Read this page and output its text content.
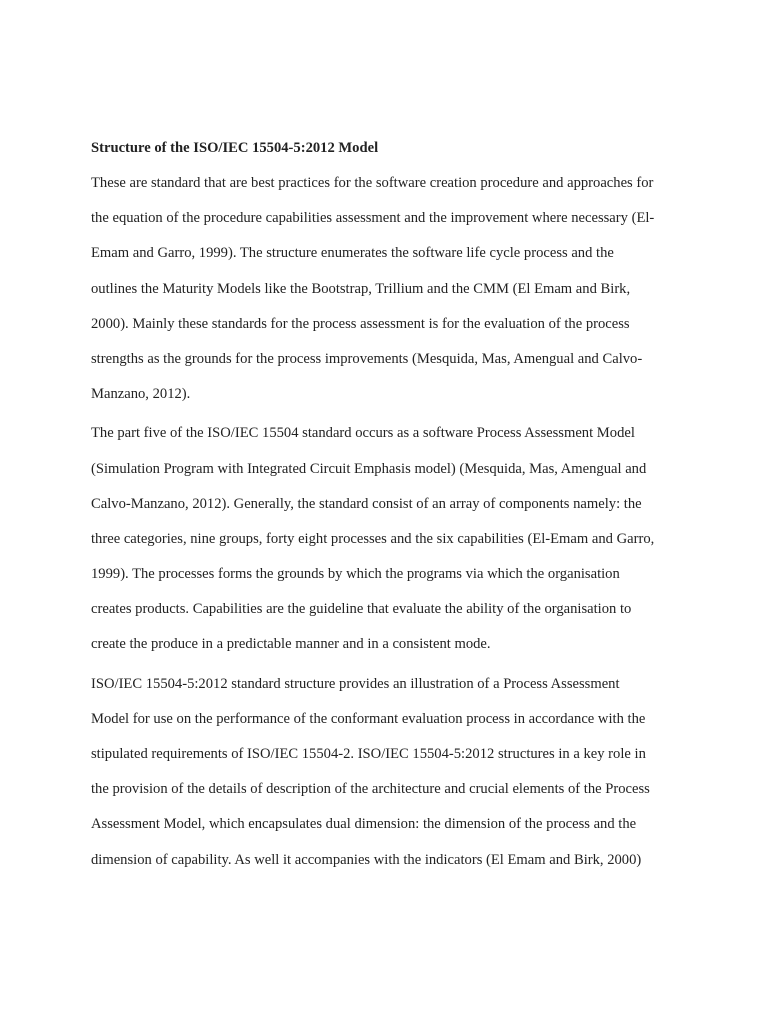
Structure of the ISO/IEC 15504-5:2012 Model
These are standard that are best practices for the software creation procedure and approaches for
the equation of the procedure capabilities assessment and the improvement where necessary (El-
Emam and Garro, 1999). The structure enumerates the software life cycle process and the
outlines the Maturity Models like the Bootstrap, Trillium and the CMM (El Emam and Birk,
2000). Mainly these standards for the process assessment is for the evaluation of the process
strengths as the grounds for the process improvements (Mesquida, Mas, Amengual and Calvo-
Manzano, 2012).
The part five of the ISO/IEC 15504 standard occurs as a software Process Assessment Model
(Simulation Program with Integrated Circuit Emphasis model) (Mesquida, Mas, Amengual and
Calvo-Manzano, 2012). Generally, the standard consist of an array of components namely: the
three categories, nine groups, forty eight processes and the six capabilities (El-Emam and Garro,
1999). The processes forms the grounds by which the programs via which the organisation
creates products. Capabilities are the guideline that evaluate the ability of the organisation to
create the produce in a predictable manner and in a consistent mode.
ISO/IEC 15504-5:2012 standard structure provides an illustration of a Process Assessment
Model for use on the performance of the conformant evaluation process in accordance with the
stipulated requirements of ISO/IEC 15504-2. ISO/IEC 15504-5:2012 structures in a key role in
the provision of the details of description of the architecture and crucial elements of the Process
Assessment Model, which encapsulates dual dimension: the dimension of the process and the
dimension of capability. As well it accompanies with the indicators (El Emam and Birk, 2000)
